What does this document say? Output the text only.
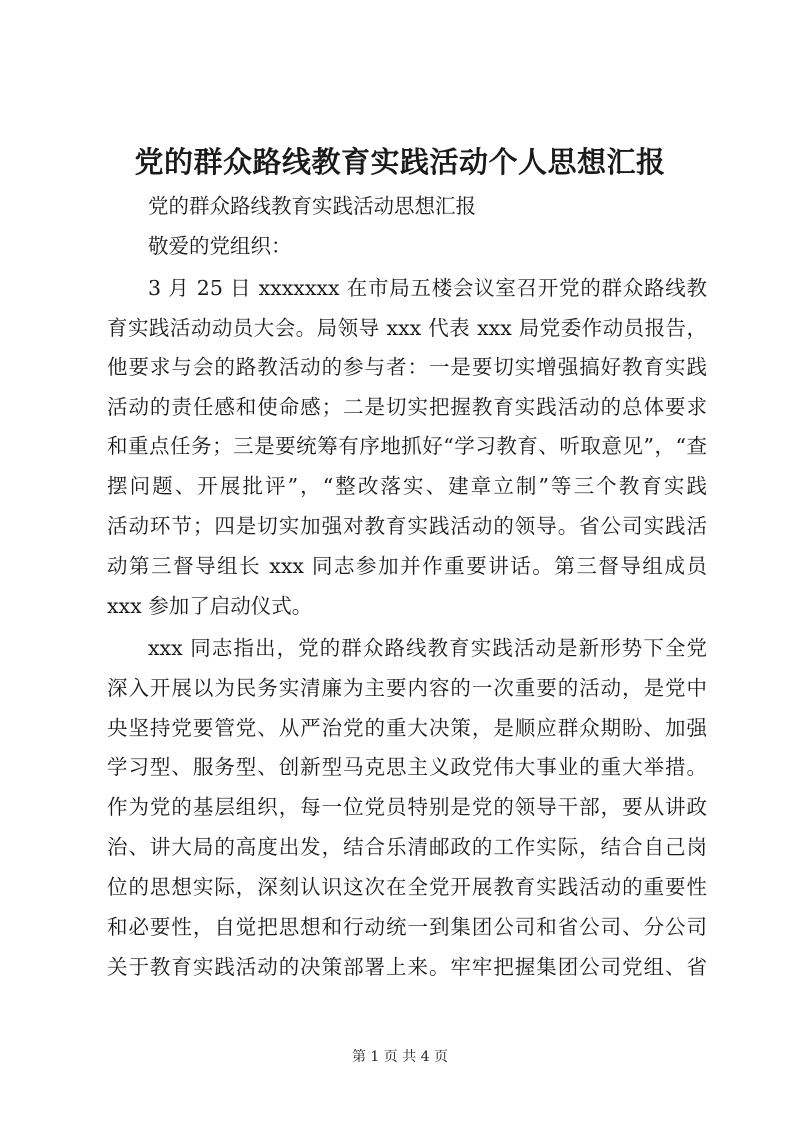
党的群众路线教育实践活动个人思想汇报
党的群众路线教育实践活动思想汇报
敬爱的党组织：
3 月 25 日 xxxxxxx 在市局五楼会议室召开党的群众路线教
育实践活动动员大会。局领导 xxx 代表 xxx 局党委作动员报告，
他要求与会的路教活动的参与者：一是要切实增强搞好教育实践
活动的责任感和使命感；二是切实把握教育实践活动的总体要求
和重点任务；三是要统筹有序地抓好“学习教育、听取意见”，“查
摆问题、开展批评”，“整改落实、建章立制”等三个教育实践
活动环节；四是切实加强对教育实践活动的领导。省公司实践活
动第三督导组长 xxx 同志参加并作重要讲话。第三督导组成员
xxx 参加了启动仪式。
xxx 同志指出，党的群众路线教育实践活动是新形势下全党
深入开展以为民务实清廉为主要内容的一次重要的活动，是党中
央坚持党要管党、从严治党的重大决策，是顺应群众期盼、加强
学习型、服务型、创新型马克思主义政党伟大事业的重大举措。
作为党的基层组织，每一位党员特别是党的领导干部，要从讲政
治、讲大局的高度出发，结合乐清邮政的工作实际，结合自己岗
位的思想实际，深刻认识这次在全党开展教育实践活动的重要性
和必要性，自觉把思想和行动统一到集团公司和省公司、分公司
关于教育实践活动的决策部署上来。牢牢把握集团公司党组、省
第 1 页 共 4 页
